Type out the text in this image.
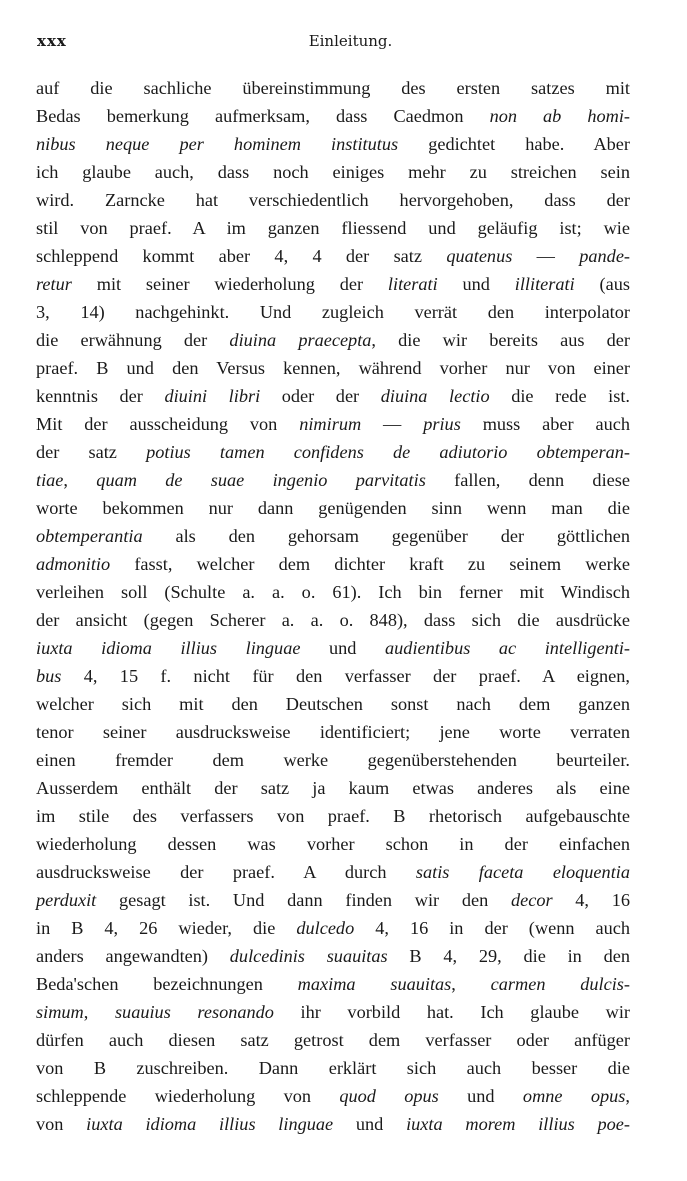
xxx	Einleitung.
auf die sachliche übereinstimmung des ersten satzes mit
Bedas bemerkung aufmerksam, dass Caedmon non ab homi-
nibus neque per hominem institutus gedichtet habe. Aber
ich glaube auch, dass noch einiges mehr zu streichen sein
wird. Zarncke hat verschiedentlich hervorgehoben, dass der
stil von praef. A im ganzen fliessend und geläufig ist; wie
schleppend kommt aber 4, 4 der satz quatenus — pande-
retur mit seiner wiederholung der literati und illiterati (aus
3, 14) nachgehinkt. Und zugleich verrät den interpolator
die erwähnung der diuina praecepta, die wir bereits aus der
praef. B und den Versus kennen, während vorher nur von einer
kenntnis der diuini libri oder der diuina lectio die rede ist.
Mit der ausscheidung von nimirum — prius muss aber auch
der satz potius tamen confidens de adiutorio obtemperan-
tiae, quam de suae ingenio parvitatis fallen, denn diese
worte bekommen nur dann genügenden sinn wenn man die
obtemperantia als den gehorsam gegenüber der göttlichen
admonitio fasst, welcher dem dichter kraft zu seinem werke
verleihen soll (Schulte a. a. o. 61). Ich bin ferner mit Windisch
der ansicht (gegen Scherer a. a. o. 848), dass sich die ausdrücke
iuxta idioma illius linguae und audientibus ac intelligenti-
bus 4, 15 f. nicht für den verfasser der praef. A eignen,
welcher sich mit den Deutschen sonst nach dem ganzen
tenor seiner ausdrucksweise identificiert; jene worte verraten
einen fremder dem werke gegenüberstehenden beurteiler.
Ausserdem enthält der satz ja kaum etwas anderes als eine
im stile des verfassers von praef. B rhetorisch aufgebauschte
wiederholung dessen was vorher schon in der einfachen
ausdrucksweise der praef. A durch satis faceta eloquentia
perduxit gesagt ist. Und dann finden wir den decor 4, 16
in B 4, 26 wieder, die dulcedo 4, 16 in der (wenn auch
anders angewandten) dulcedinis suauitas B 4, 29, die in den
Beda'schen bezeichnungen maxima suauitas, carmen dulcis-
simum, suauius resonando ihr vorbild hat. Ich glaube wir
dürfen auch diesen satz getrost dem verfasser oder anfüger
von B zuschreiben. Dann erklärt sich auch besser die
schleppende wiederholung von quod opus und omne opus,
von iuxta idioma illius linguae und iuxta morem illius poe-
